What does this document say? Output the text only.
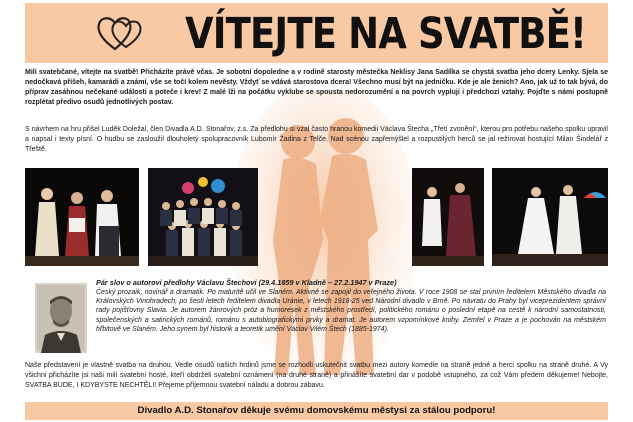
VÍTEJTE NA SVATBĚ!

Milí svatebčané, vítejte na svatbě! Přicházíte právě včas. Je sobotní dopoledne a v rodině starosty městečka Neklisy Jana Sadílka se chystá svatba jeho dcery Lenky. Sjela se nedočkavá příšeh, kamarádi a známí, vše se točí kolem nevěsty. Vždyť se vdává starostova dcera! Všechno musí být na jedničku. Kde je ale ženich? Ano, jak už to tak bývá, do příprav zasáhnou nečekané události a poteče i krev! Z malé lži na počátku vyklube se spousta nedorozumění a na povrch vyplují i předchozí vztahy. Pojďte s námi postupně rozplétat předivo osudů jednotlivých postav.

S návrhem na hru přišel Luděk Doležal, člen Divadla A.D. Stonařov, z.s. Za předlohu si vzal často hranou komedii Václava Štecha „Třetí zvonění“, kterou pro potřebu našeho spolku upravil a napsal i texty písní. O hudbu se zasloužil dlouholetý spolupracovník Lubomír Žadina z Telče. Nad scénou zapřemýšlel a rozpustilých herců se jal režírovat hostující Milan Šindelář z Třeště.

Pár slov o autorovi předlohy Václavu Štechovi (29.4.1859 v Kladně – 27.2.1947 v Praze)

Český prozaik, novinář a dramatik. Po maturitě učil ve Slaném. Aktivně se zapojil do veřejného života. V roce 1908 se stal prvním ředitelem Městského divadla na Královských Vinohradech, po šesti letech ředitelem divadla Uránie, v letech 1918-25 ved Národní divadlo v Brně. Po návratu do Prahy byl viceprezidentem správní rady pojišťovny Slavia. Je autorem žánrových próz a humoresek z městského prostředí, politického románu o poslední etapě na cestě k národní samostatnosti, společenských a satirických románů, románu s autobiografickými prvky a dramat. Je autorem vzpomínkové knihy. Zemřel v Praze a je pochován na městském hřbitově ve Slaném. Jeho synem byl historik a teoretik umění Václav Vilém Štech (1885-1974).

Naše představení je vlastně svatba na druhou. Vedle osudů našich hrdinů jsme se rozhodli uskutečnit svatbu mezi autory komedie na straně jedné a herci spolku na straně druhé. A Vy všichni přicházíte jsi naši milí svatební hosté, kteří obdrželi svatební oznámení (na druhé straně) a přinášíte svatební dar v podobě vstupného, za což Vám předem děkujeme! Nebojte, SVATBA BUDE, I KDYBYSTE NECHTĚLI! Přejeme příjemnou svatební náladu a dobrou zábavu.

Divadlo A.D. Stonařov děkuje svému domovskému městysi za stálou podporu!
